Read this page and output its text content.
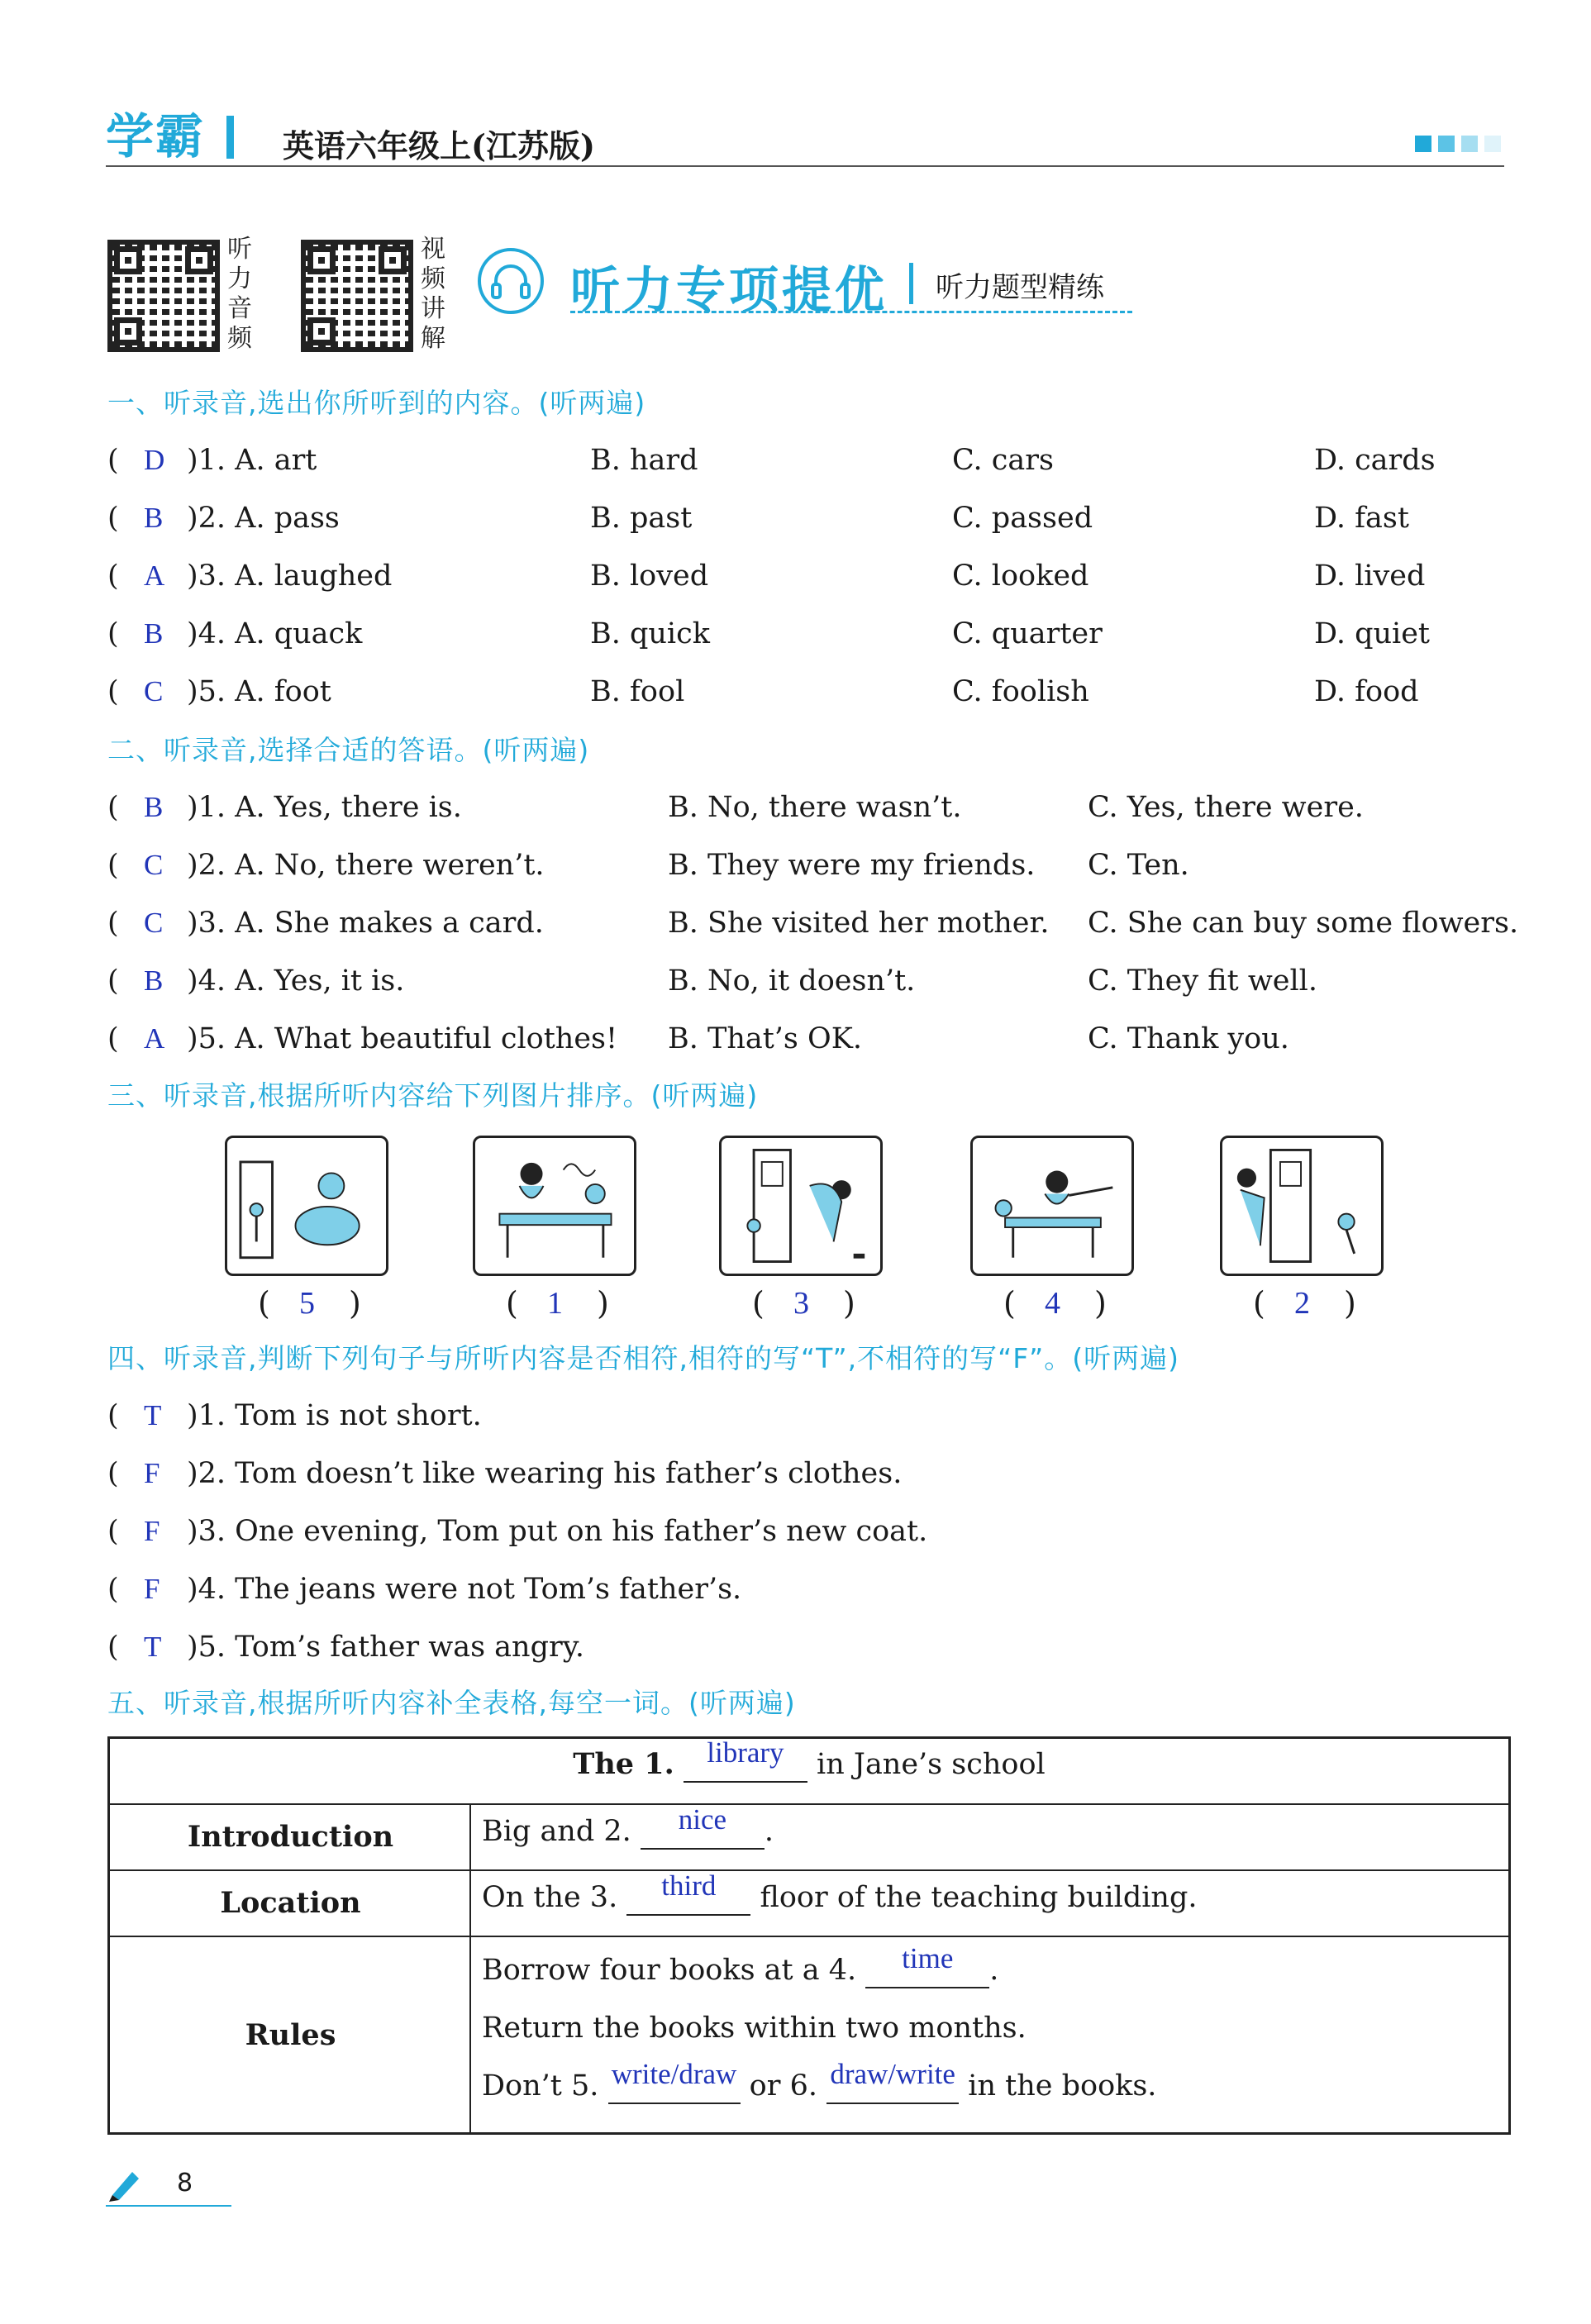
学霸 英语六年级上(江苏版)
听
力
音
频
视
频
讲
解
听力专项提优 听力题型精练
一、听录音,选出你所听到的内容。(听两遍)
( D )1. A. art	B. hard	C. cars	D. cards
( B )2. A. pass	B. past	C. passed	D. fast
( A )3. A. laughed	B. loved	C. looked	D. lived
( B )4. A. quack	B. quick	C. quarter	D. quiet
( C )5. A. foot	B. fool	C. foolish	D. food
二、听录音,选择合适的答语。(听两遍)
( B )1. A. Yes, there is.	B. No, there wasn’t.	C. Yes, there were.
( C )2. A. No, there weren’t.	B. They were my friends. C. Ten.
( C )3. A. She makes a card.	B. She visited her mother. C. She can buy some flowers.
( B )4. A. Yes, it is.	B. No, it doesn’t.	C. They fit well.
( A )5. A. What beautiful clothes! B. That’s OK.	C. Thank you.
三、听录音,根据所听内容给下列图片排序。(听两遍)
( 5 )	( 1 )	( 3 )	( 4 )	( 2 )
四、听录音,判断下列句子与所听内容是否相符,相符的写“T”,不相符的写“F”。(听两遍)
( T )1. Tom is not short.
( F )2. Tom doesn’t like wearing his father’s clothes.
( F )3. One evening, Tom put on his father’s new coat.
( F )4. The jeans were not Tom’s father’s.
( T )5. Tom’s father was angry.
五、听录音,根据所听内容补全表格,每空一词。(听两遍)
The 1. library in Jane’s school
Introduction	Big and 2. nice .
Location	On the 3. third floor of the teaching building.
Rules
Borrow four books at a 4. time .
Return the books within two months.
Don’t 5. write/draw or 6. draw/write in the books.
8
